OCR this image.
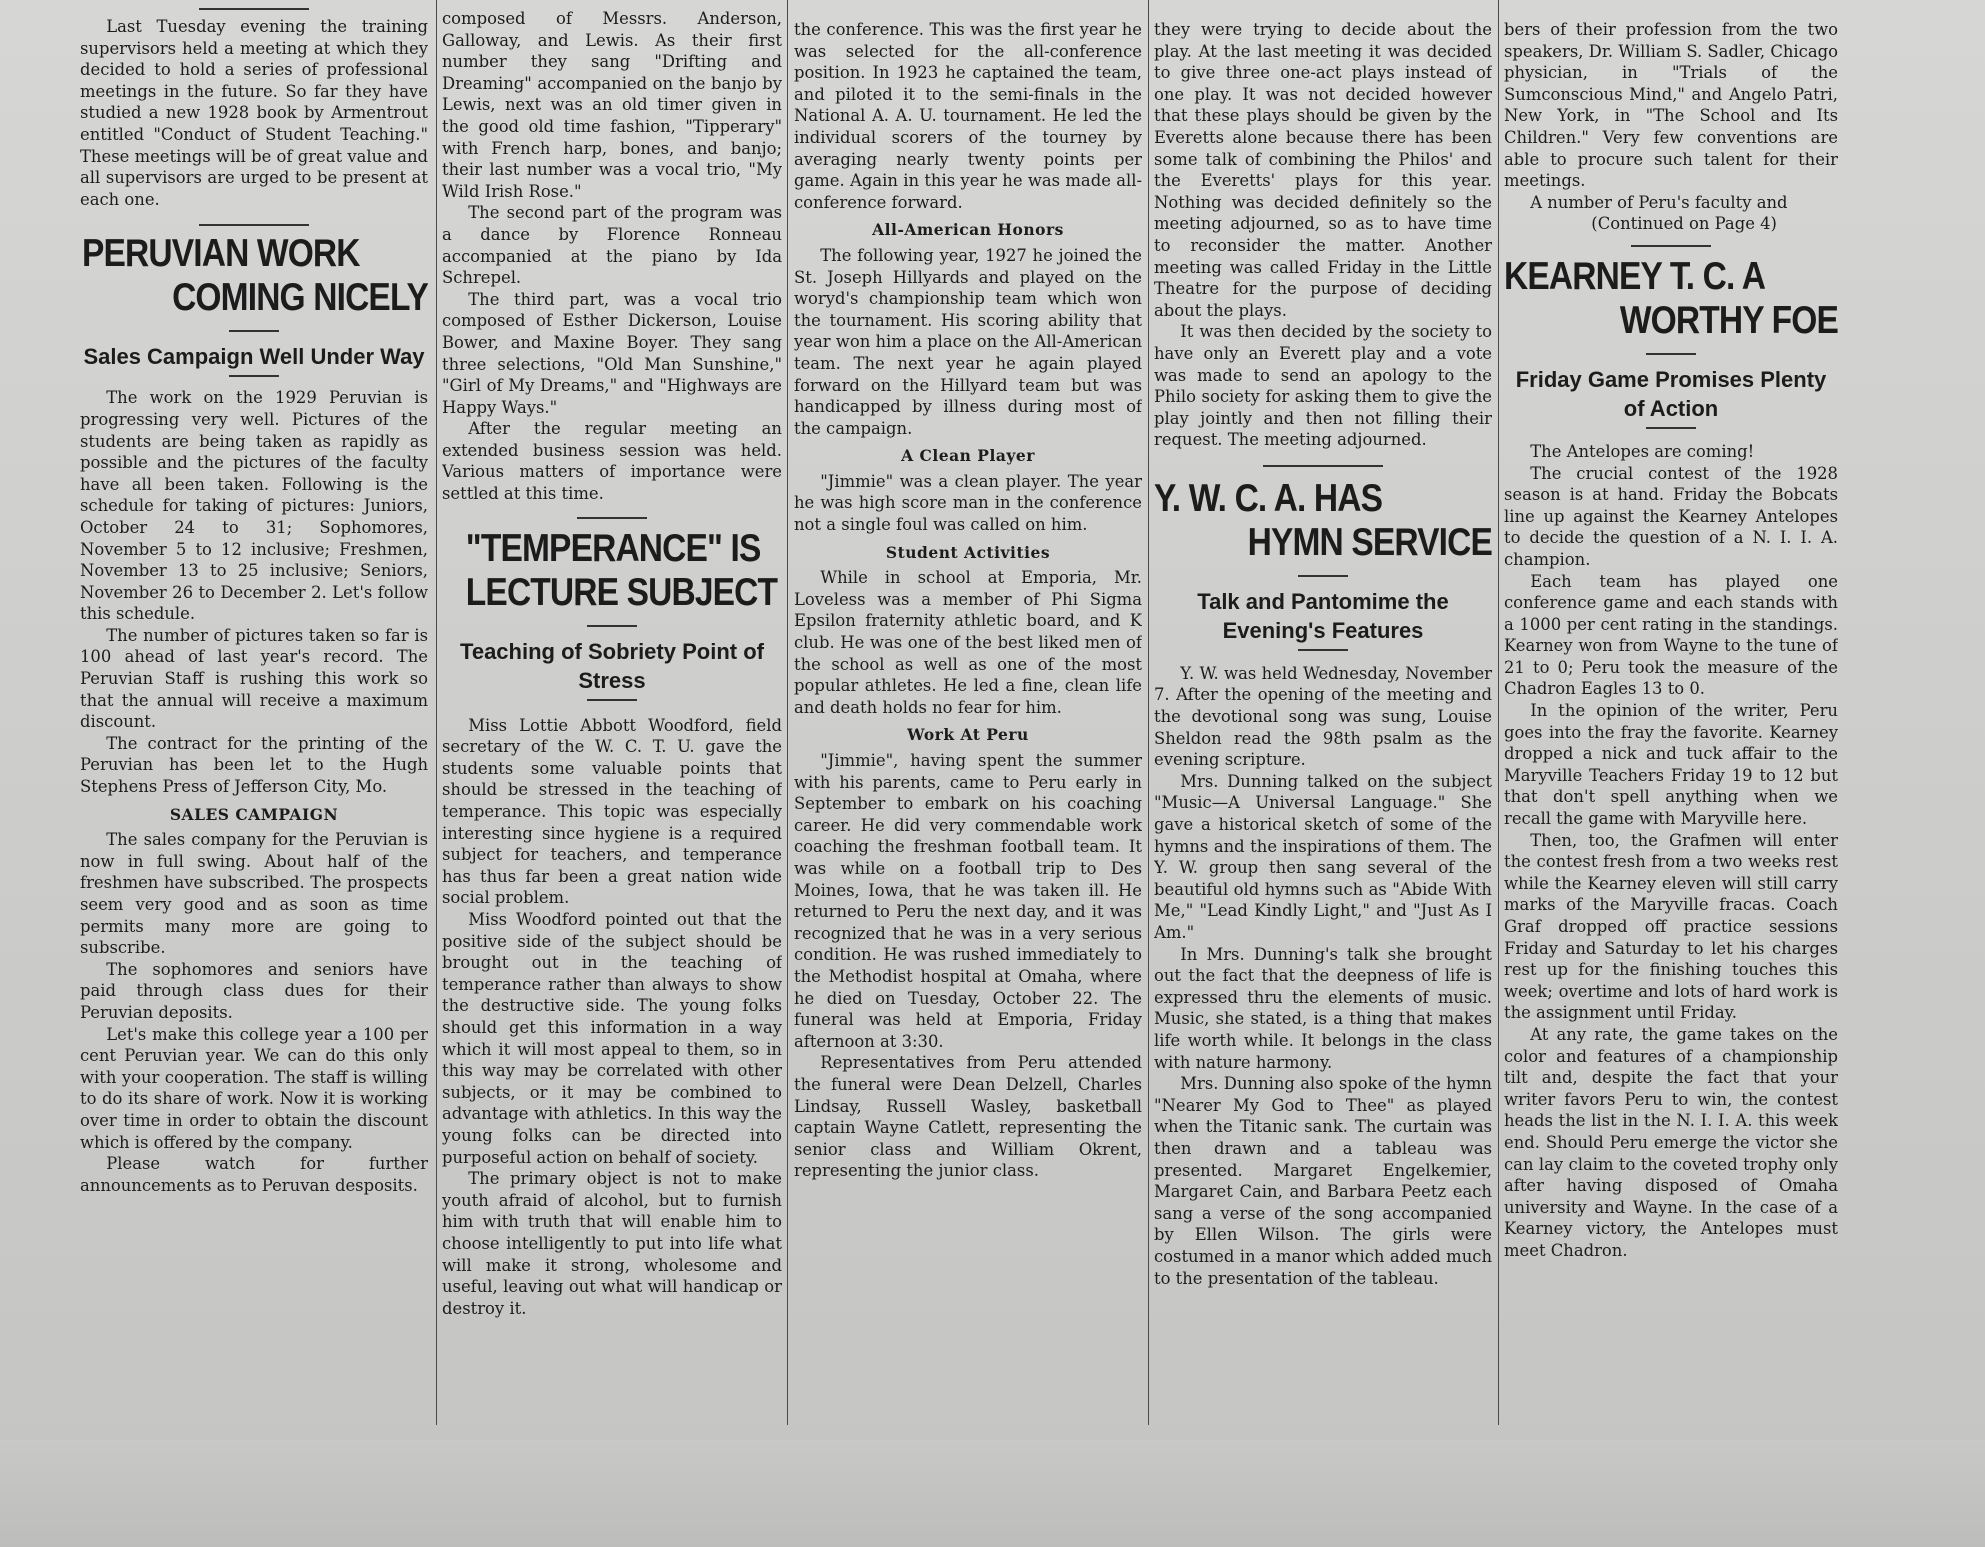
Last Tuesday evening the training supervisors held a meeting at which they decided to hold a series of professional meetings in the future. So far they have studied a new 1928 book by Armentrout entitled "Conduct of Student Teaching." These meetings will be of great value and all supervisors are urged to be present at each one.

PERUVIAN WORK
COMING NICELY
Sales Campaign Well Under Way

The work on the 1929 Peruvian is progressing very well. Pictures of the students are being taken as rapidly as possible and the pictures of the faculty have all been taken. Following is the schedule for taking of pictures: Juniors, October 24 to 31; Sophomores, November 5 to 12 inclusive; Freshmen, November 13 to 25 inclusive; Seniors, November 26 to December 2. Let's follow this schedule.

The number of pictures taken so far is 100 ahead of last year's record. The Peruvian Staff is rushing this work so that the annual will receive a maximum discount.

The contract for the printing of the Peruvian has been let to the Hugh Stephens Press of Jefferson City, Mo.

SALES CAMPAIGN

The sales company for the Peruvian is now in full swing. About half of the freshmen have subscribed. The prospects seem very good and as soon as time permits many more are going to subscribe.

The sophomores and seniors have paid through class dues for their Peruvian deposits.

Let's make this college year a 100 per cent Peruvian year. We can do this only with your cooperation. The staff is willing to do its share of work. Now it is working over time in order to obtain the discount which is offered by the company.

Please watch for further announcements as to Peruvan desposits.

composed of Messrs. Anderson, Galloway, and Lewis. As their first number they sang "Drifting and Dreaming" accompanied on the banjo by Lewis, next was an old timer given in the good old time fashion, "Tipperary" with French harp, bones, and banjo; their last number was a vocal trio, "My Wild Irish Rose."

The second part of the program was a dance by Florence Ronneau accompanied at the piano by Ida Schrepel.

The third part, was a vocal trio composed of Esther Dickerson, Louise Bower, and Maxine Boyer. They sang three selections, "Old Man Sunshine," "Girl of My Dreams," and "Highways are Happy Ways."

After the regular meeting an extended business session was held. Various matters of importance were settled at this time.

"TEMPERANCE" IS
LECTURE SUBJECT
Teaching of Sobriety Point of Stress

Miss Lottie Abbott Woodford, field secretary of the W. C. T. U. gave the students some valuable points that should be stressed in the teaching of temperance. This topic was especially interesting since hygiene is a required subject for teachers, and temperance has thus far been a great nation wide social problem.

Miss Woodford pointed out that the positive side of the subject should be brought out in the teaching of temperance rather than always to show the destructive side. The young folks should get this information in a way which it will most appeal to them, so in this way may be correlated with other subjects, or it may be combined to advantage with athletics. In this way the young folks can be directed into purposeful action on behalf of society.

The primary object is not to make youth afraid of alcohol, but to furnish him with truth that will enable him to choose intelligently to put into life what will make it strong, wholesome and useful, leaving out what will handicap or destroy it.

the conference. This was the first year he was selected for the all-conference position. In 1923 he captained the team, and piloted it to the semi-finals in the National A. A. U. tournament. He led the individual scorers of the tourney by averaging nearly twenty points per game. Again in this year he was made all-conference forward.

All-American Honors

The following year, 1927 he joined the St. Joseph Hillyards and played on the woryd's championship team which won the tournament. His scoring ability that year won him a place on the All-American team. The next year he again played forward on the Hillyard team but was handicapped by illness during most of the campaign.

A Clean Player

"Jimmie" was a clean player. The year he was high score man in the conference not a single foul was called on him.

Student Activities

While in school at Emporia, Mr. Loveless was a member of Phi Sigma Epsilon fraternity athletic board, and K club. He was one of the best liked men of the school as well as one of the most popular athletes. He led a fine, clean life and death holds no fear for him.

Work At Peru

"Jimmie", having spent the summer with his parents, came to Peru early in September to embark on his coaching career. He did very commendable work coaching the freshman football team. It was while on a football trip to Des Moines, Iowa, that he was taken ill. He returned to Peru the next day, and it was recognized that he was in a very serious condition. He was rushed immediately to the Methodist hospital at Omaha, where he died on Tuesday, October 22. The funeral was held at Emporia, Friday afternoon at 3:30.

Representatives from Peru attended the funeral were Dean Delzell, Charles Lindsay, Russell Wasley, basketball captain Wayne Catlett, representing the senior class and William Okrent, representing the junior class.

they were trying to decide about the play. At the last meeting it was decided to give three one-act plays instead of one play. It was not decided however that these plays should be given by the Everetts alone because there has been some talk of combining the Philos' and the Everetts' plays for this year. Nothing was decided definitely so the meeting adjourned, so as to have time to reconsider the matter. Another meeting was called Friday in the Little Theatre for the purpose of deciding about the plays.

It was then decided by the society to have only an Everett play and a vote was made to send an apology to the Philo society for asking them to give the play jointly and then not filling their request. The meeting adjourned.

Y. W. C. A. HAS
HYMN SERVICE
Talk and Pantomime the Evening's Features

Y. W. was held Wednesday, November 7. After the opening of the meeting and the devotional song was sung, Louise Sheldon read the 98th psalm as the evening scripture.

Mrs. Dunning talked on the subject "Music—A Universal Language." She gave a historical sketch of some of the hymns and the inspirations of them. The Y. W. group then sang several of the beautiful old hymns such as "Abide With Me," "Lead Kindly Light," and "Just As I Am."

In Mrs. Dunning's talk she brought out the fact that the deepness of life is expressed thru the elements of music. Music, she stated, is a thing that makes life worth while. It belongs in the class with nature harmony.

Mrs. Dunning also spoke of the hymn "Nearer My God to Thee" as played when the Titanic sank. The curtain was then drawn and a tableau was presented. Margaret Engelkemier, Margaret Cain, and Barbara Peetz each sang a verse of the song accompanied by Ellen Wilson. The girls were costumed in a manor which added much to the presentation of the tableau.

bers of their profession from the two speakers, Dr. William S. Sadler, Chicago physician, in "Trials of the Sumconscious Mind," and Angelo Patri, New York, in "The School and Its Children." Very few conventions are able to procure such talent for their meetings.

A number of Peru's faculty and

(Continued on Page 4)

KEARNEY T. C. A
WORTHY FOE
Friday Game Promises Plenty of Action

The Antelopes are coming!

The crucial contest of the 1928 season is at hand. Friday the Bobcats line up against the Kearney Antelopes to decide the question of a N. I. I. A. champion.

Each team has played one conference game and each stands with a 1000 per cent rating in the standings. Kearney won from Wayne to the tune of 21 to 0; Peru took the measure of the Chadron Eagles 13 to 0.

In the opinion of the writer, Peru goes into the fray the favorite. Kearney dropped a nick and tuck affair to the Maryville Teachers Friday 19 to 12 but that don't spell anything when we recall the game with Maryville here.

Then, too, the Grafmen will enter the contest fresh from a two weeks rest while the Kearney eleven will still carry marks of the Maryville fracas. Coach Graf dropped off practice sessions Friday and Saturday to let his charges rest up for the finishing touches this week; overtime and lots of hard work is the assignment until Friday.

At any rate, the game takes on the color and features of a championship tilt and, despite the fact that your writer favors Peru to win, the contest heads the list in the N. I. I. A. this week end. Should Peru emerge the victor she can lay claim to the coveted trophy only after having disposed of Omaha university and Wayne. In the case of a Kearney victory, the Antelopes must meet Chadron.
